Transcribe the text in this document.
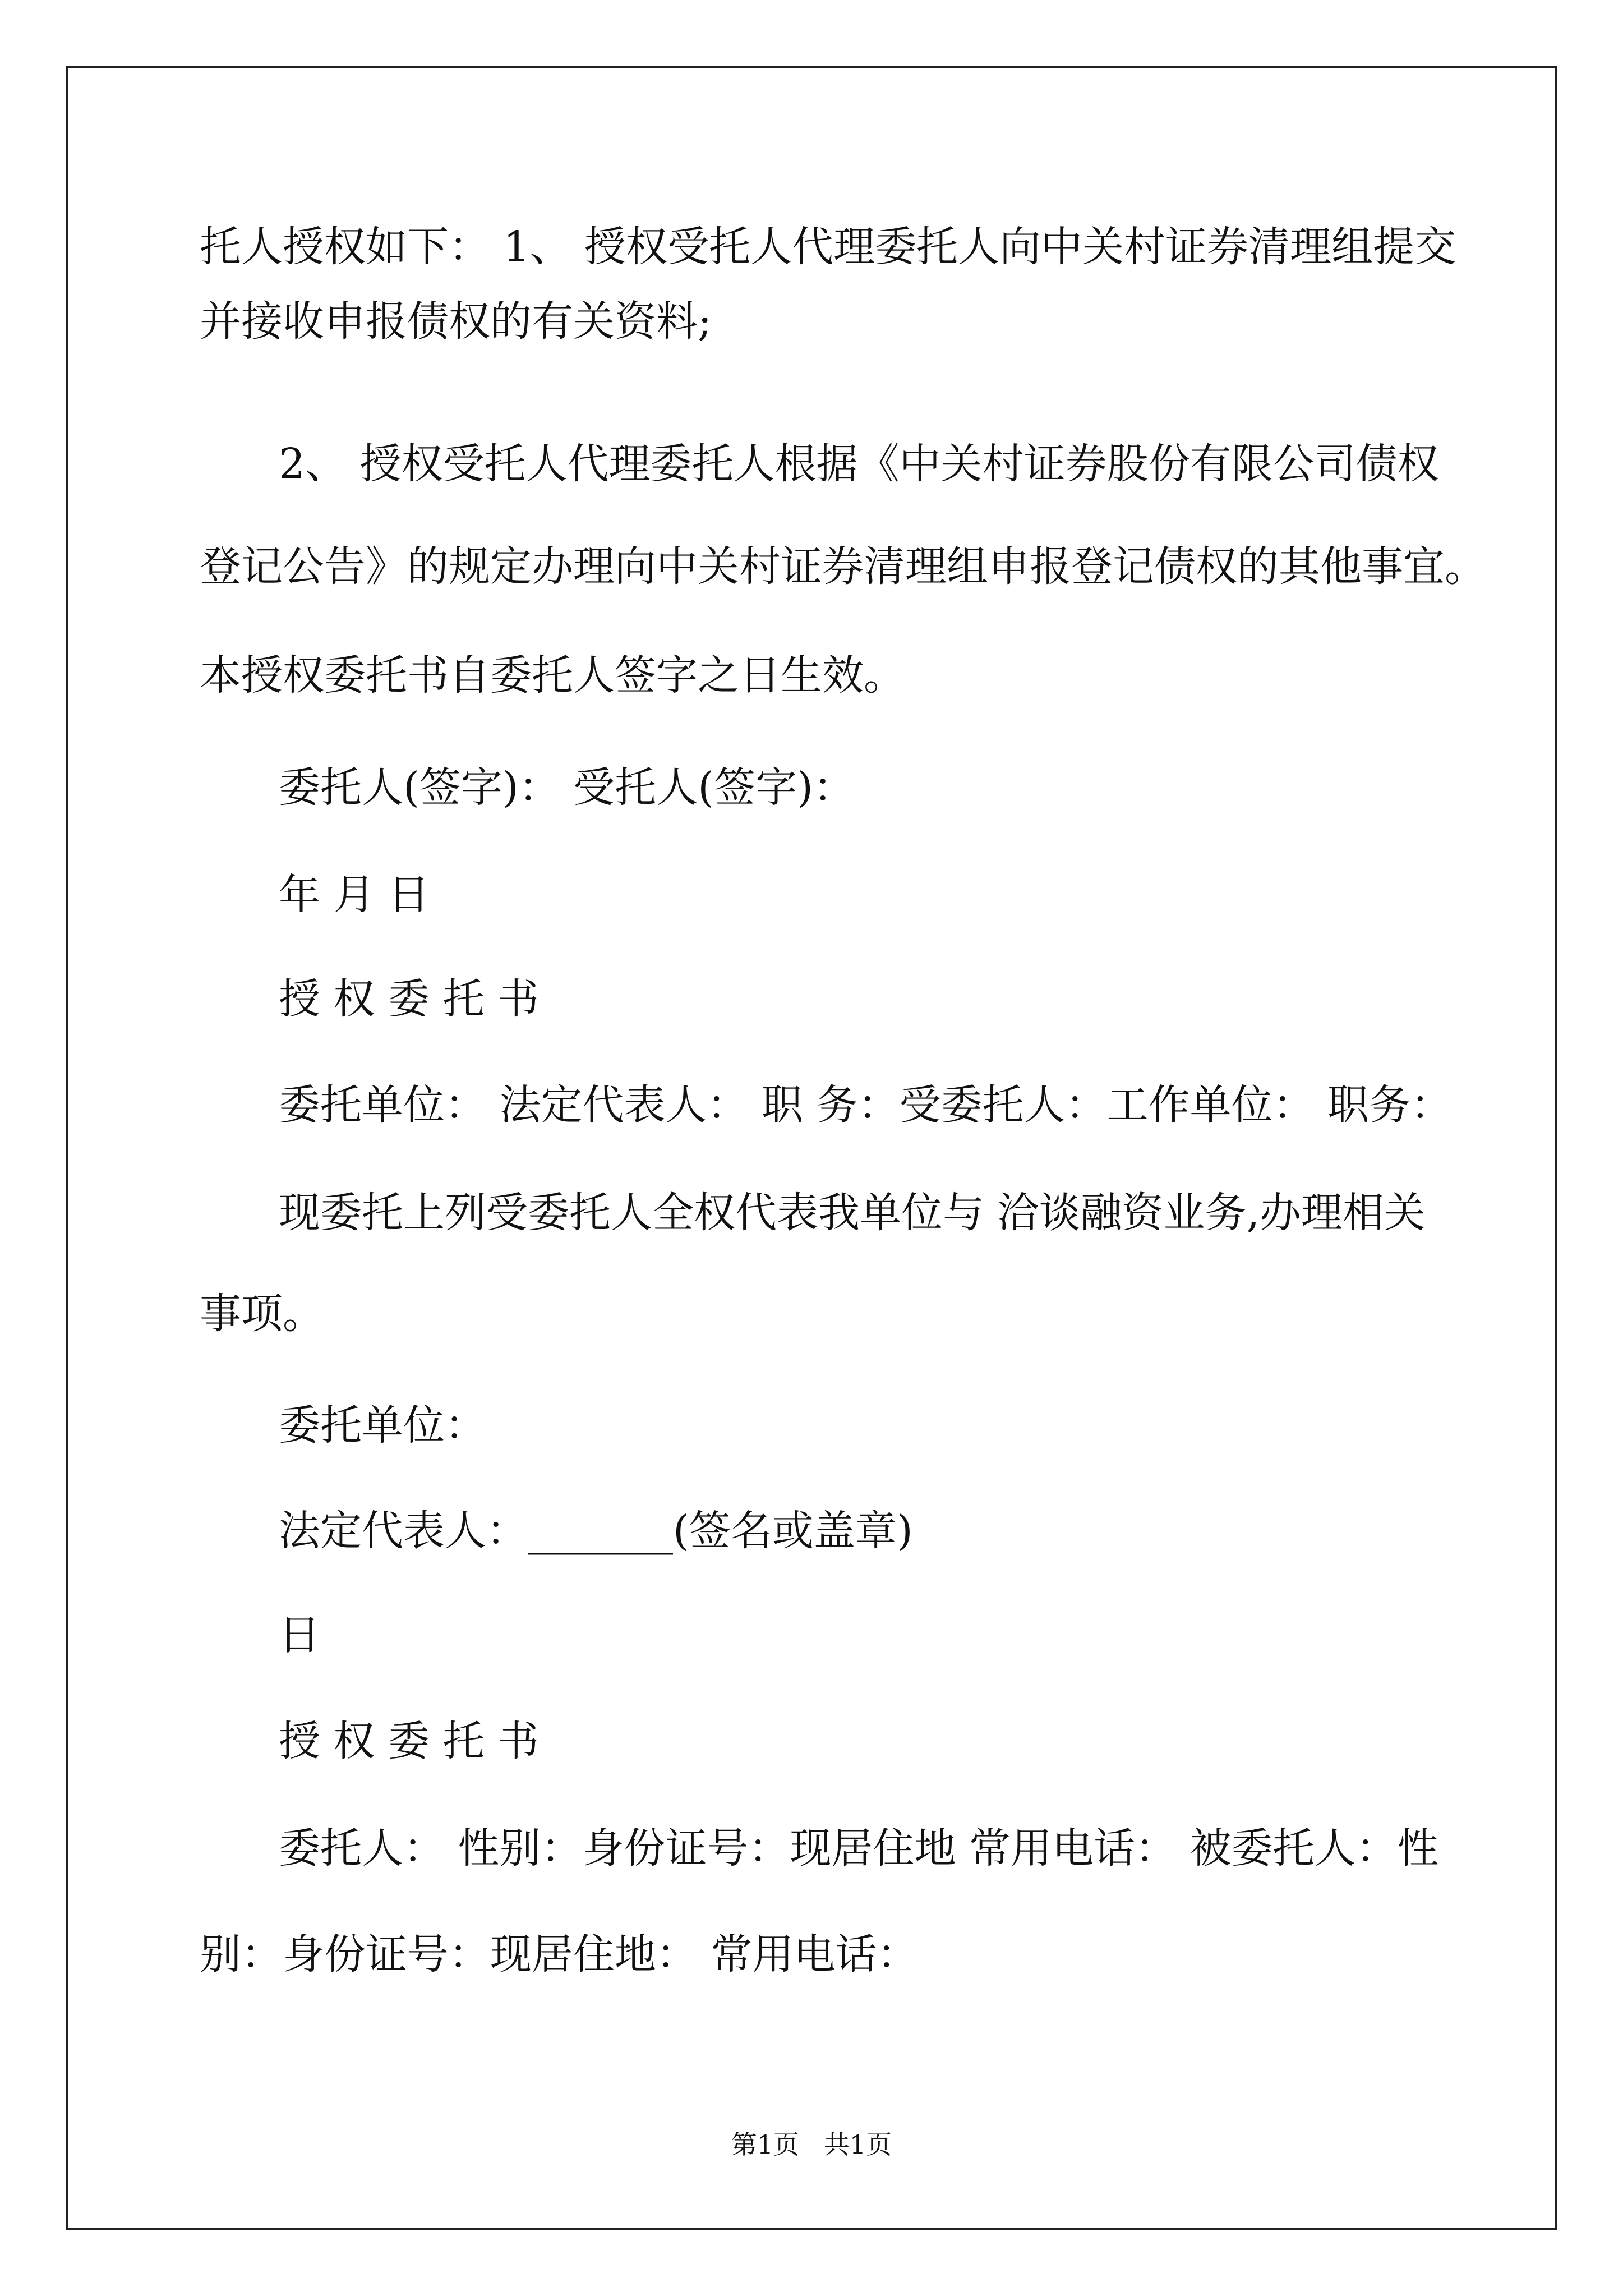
托人授权如下： 1、 授权受托人代理委托人向中关村证券清理组提交
并接收申报债权的有关资料;
2、 授权受托人代理委托人根据《中关村证券股份有限公司债权
登记公告》的规定办理向中关村证券清理组申报登记债权的其他事宜。
本授权委托书自委托人签字之日生效。
委托人(签字)： 受托人(签字)：
年 月 日
授 权 委 托 书
委托单位： 法定代表人： 职 务：受委托人：工作单位： 职务：
现委托上列受委托人全权代表我单位与 洽谈融资业务,办理相关
事项。
委托单位：
法定代表人：_______(签名或盖章)
日
授 权 委 托 书
委托人： 性别：身份证号：现居住地 常用电话： 被委托人：性
别：身份证号：现居住地： 常用电话：
第1页   共1页
